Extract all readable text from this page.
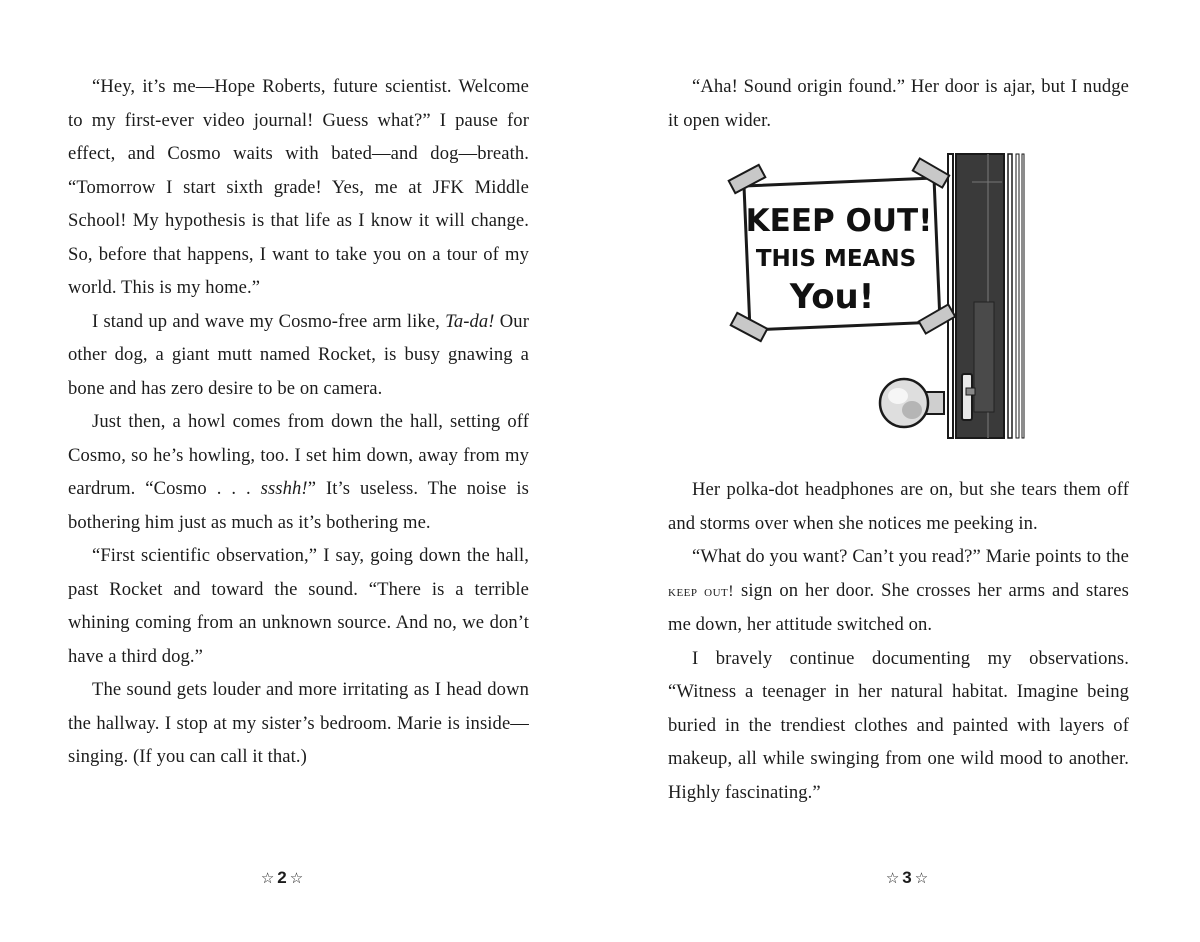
“Hey, it’s me—Hope Roberts, future scientist. Welcome to my first-ever video journal! Guess what?” I pause for effect, and Cosmo waits with bated—and dog—breath. “Tomorrow I start sixth grade! Yes, me at JFK Middle School! My hypothesis is that life as I know it will change. So, before that happens, I want to take you on a tour of my world. This is my home.”

I stand up and wave my Cosmo-free arm like, Ta-da! Our other dog, a giant mutt named Rocket, is busy gnawing a bone and has zero desire to be on camera.

Just then, a howl comes from down the hall, setting off Cosmo, so he’s howling, too. I set him down, away from my eardrum. “Cosmo . . . ssshh!” It’s useless. The noise is bothering him just as much as it’s bothering me.

“First scientific observation,” I say, going down the hall, past Rocket and toward the sound. “There is a terrible whining coming from an unknown source. And no, we don’t have a third dog.”

The sound gets louder and more irritating as I head down the hallway. I stop at my sister’s bedroom. Marie is inside—singing. (If you can call it that.)

☆ 2 ☆

“Aha! Sound origin found.” Her door is ajar, but I nudge it open wider.

KEEP OUT!
THIS MEANS
You!

Her polka-dot headphones are on, but she tears them off and storms over when she notices me peeking in.

“What do you want? Can’t you read?” Marie points to the keep out! sign on her door. She crosses her arms and stares me down, her attitude switched on.

I bravely continue documenting my observations. “Witness a teenager in her natural habitat. Imagine being buried in the trendiest clothes and painted with layers of makeup, all while swinging from one wild mood to another. Highly fascinating.”

☆ 3 ☆
